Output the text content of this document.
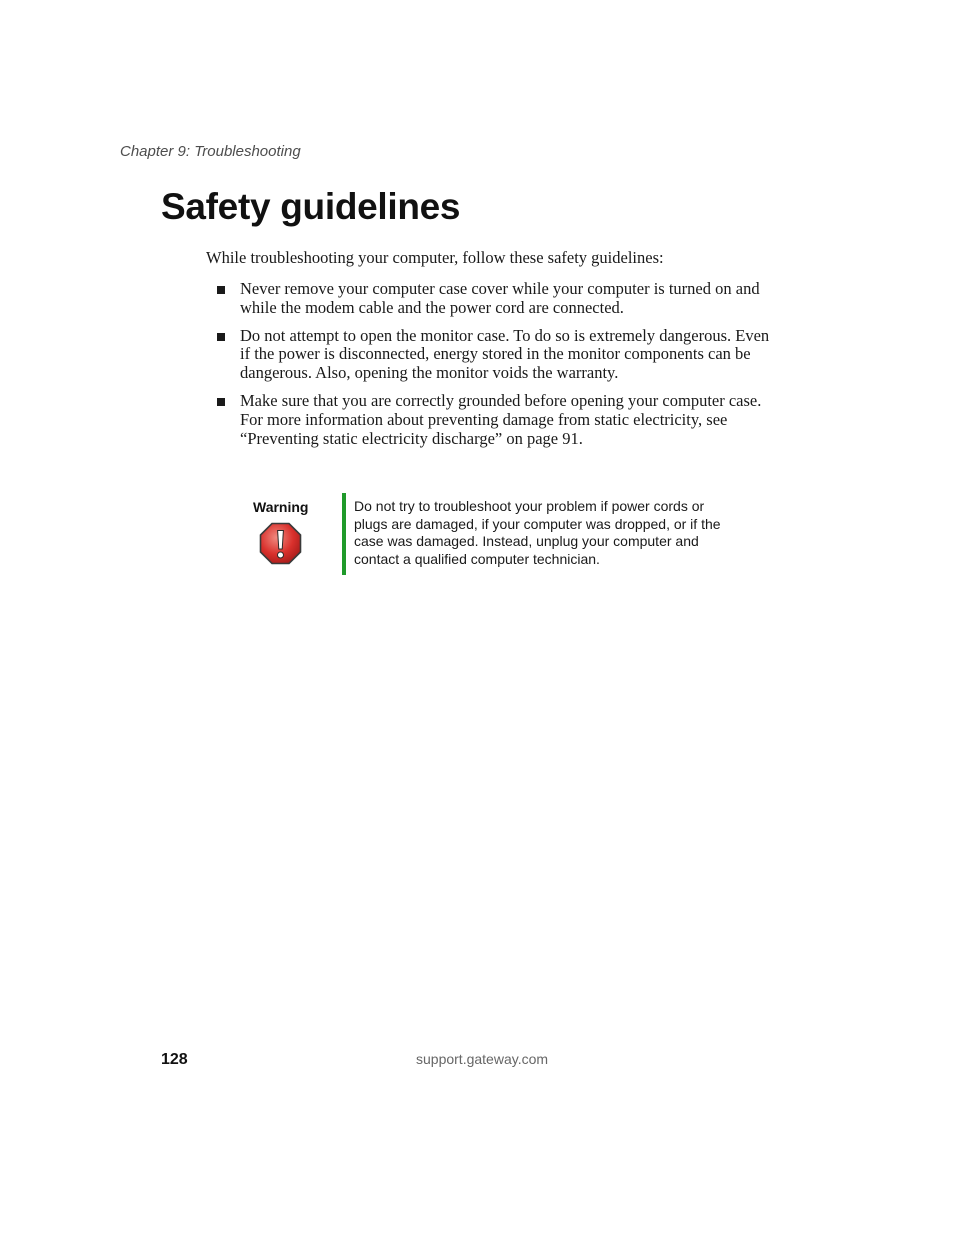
Chapter 9: Troubleshooting
Safety guidelines

While troubleshooting your computer, follow these safety guidelines:

Never remove your computer case cover while your computer is turned on and while the modem cable and the power cord are connected.
Do not attempt to open the monitor case. To do so is extremely dangerous. Even if the power is disconnected, energy stored in the monitor components can be dangerous. Also, opening the monitor voids the warranty.
Make sure that you are correctly grounded before opening your computer case. For more information about preventing damage from static electricity, see “Preventing static electricity discharge” on page 91.
Warning	Do not try to troubleshoot your problem if power cords or plugs are damaged, if your computer was dropped, or if the case was damaged. Instead, unplug your computer and contact a qualified computer technician.

128	support.gateway.com
